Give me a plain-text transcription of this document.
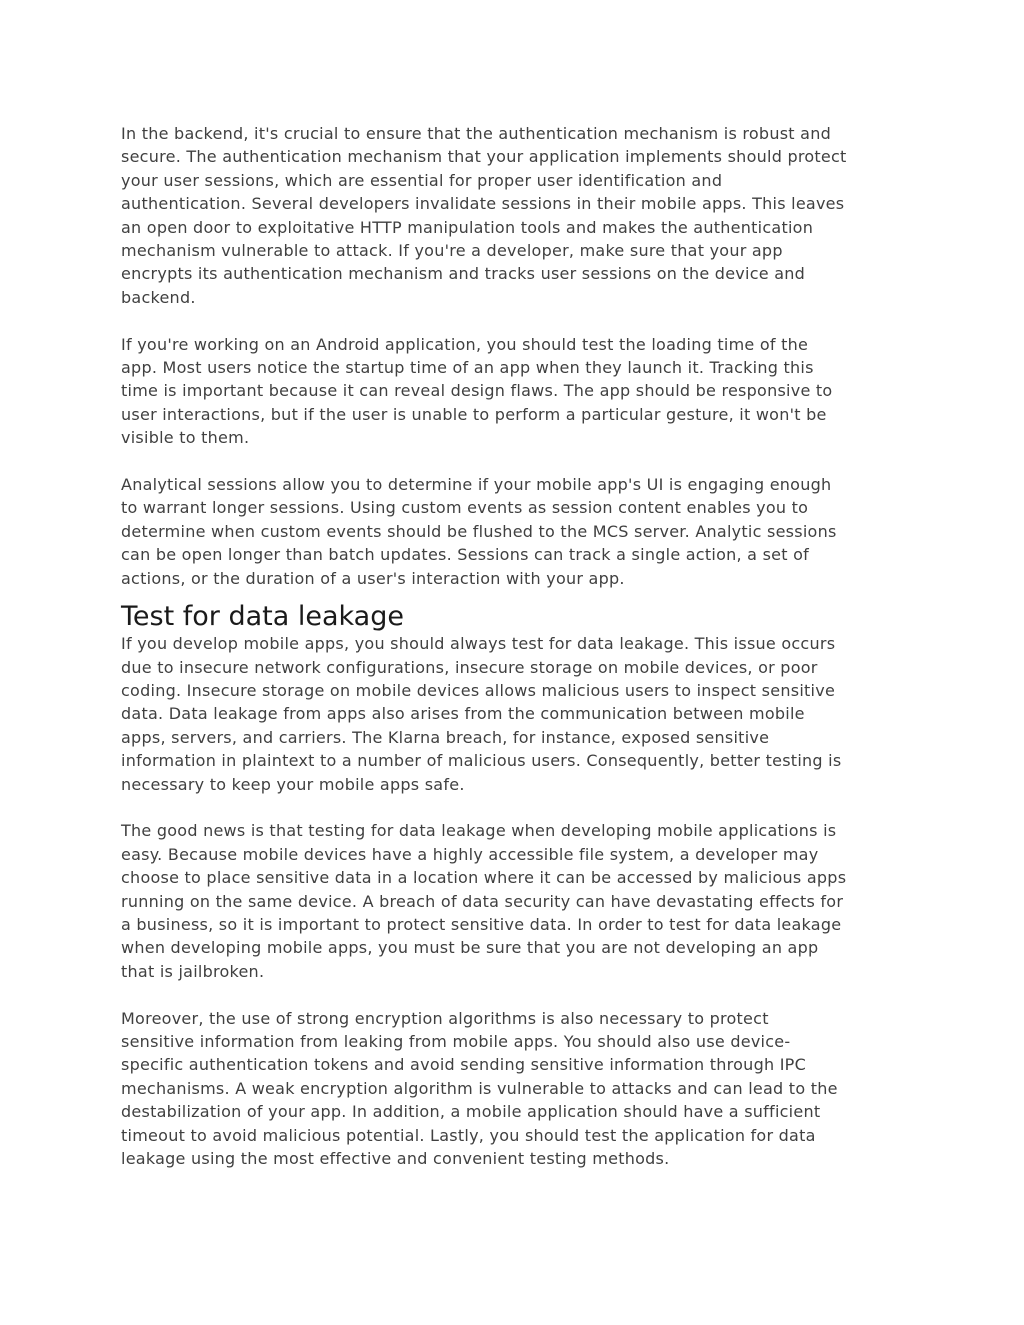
In the backend, it's crucial to ensure that the authentication mechanism is robust and
secure. The authentication mechanism that your application implements should protect
your user sessions, which are essential for proper user identification and
authentication. Several developers invalidate sessions in their mobile apps. This leaves
an open door to exploitative HTTP manipulation tools and makes the authentication
mechanism vulnerable to attack. If you're a developer, make sure that your app
encrypts its authentication mechanism and tracks user sessions on the device and
backend.

If you're working on an Android application, you should test the loading time of the
app. Most users notice the startup time of an app when they launch it. Tracking this
time is important because it can reveal design flaws. The app should be responsive to
user interactions, but if the user is unable to perform a particular gesture, it won't be
visible to them.

Analytical sessions allow you to determine if your mobile app's UI is engaging enough
to warrant longer sessions. Using custom events as session content enables you to
determine when custom events should be flushed to the MCS server. Analytic sessions
can be open longer than batch updates. Sessions can track a single action, a set of
actions, or the duration of a user's interaction with your app.

Test for data leakage

If you develop mobile apps, you should always test for data leakage. This issue occurs
due to insecure network configurations, insecure storage on mobile devices, or poor
coding. Insecure storage on mobile devices allows malicious users to inspect sensitive
data. Data leakage from apps also arises from the communication between mobile
apps, servers, and carriers. The Klarna breach, for instance, exposed sensitive
information in plaintext to a number of malicious users. Consequently, better testing is
necessary to keep your mobile apps safe.

The good news is that testing for data leakage when developing mobile applications is
easy. Because mobile devices have a highly accessible file system, a developer may
choose to place sensitive data in a location where it can be accessed by malicious apps
running on the same device. A breach of data security can have devastating effects for
a business, so it is important to protect sensitive data. In order to test for data leakage
when developing mobile apps, you must be sure that you are not developing an app
that is jailbroken.

Moreover, the use of strong encryption algorithms is also necessary to protect
sensitive information from leaking from mobile apps. You should also use device-
specific authentication tokens and avoid sending sensitive information through IPC
mechanisms. A weak encryption algorithm is vulnerable to attacks and can lead to the
destabilization of your app. In addition, a mobile application should have a sufficient
timeout to avoid malicious potential. Lastly, you should test the application for data
leakage using the most effective and convenient testing methods.
